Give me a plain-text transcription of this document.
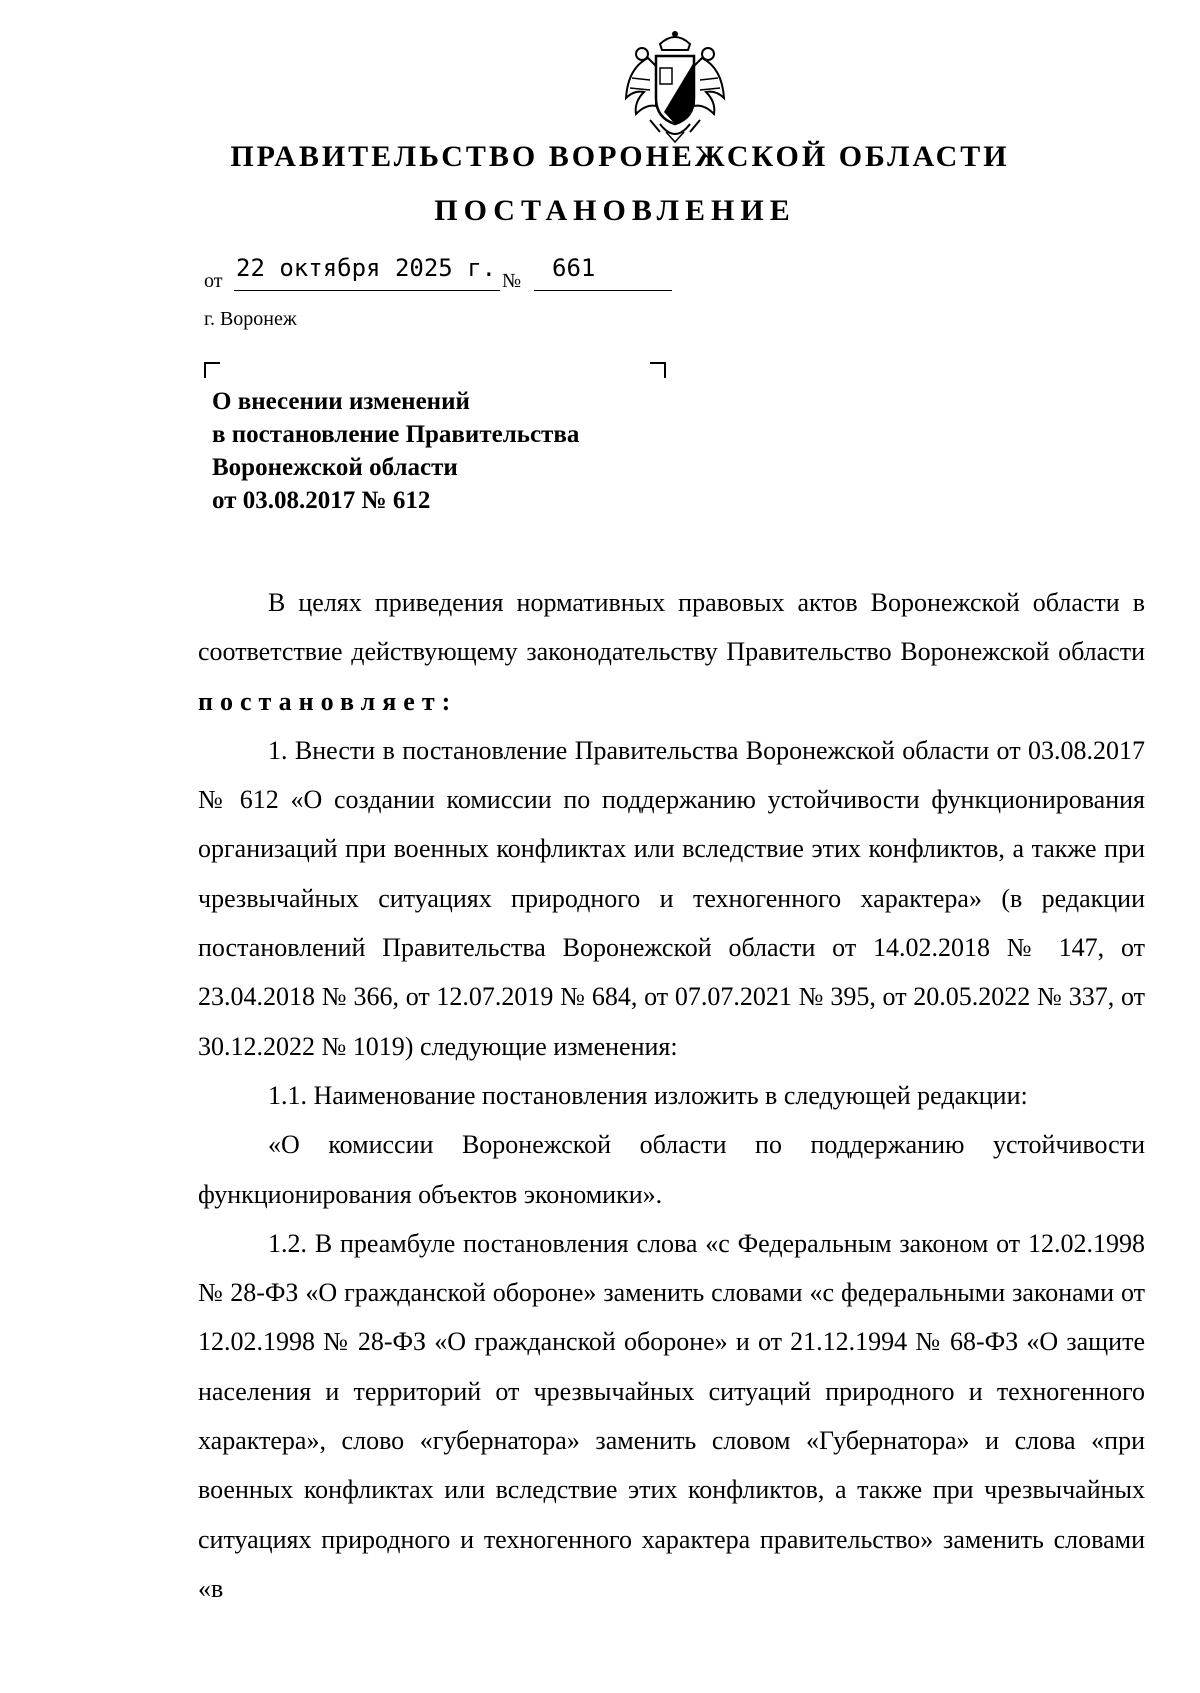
ПРАВИТЕЛЬСТВО ВОРОНЕЖСКОЙ ОБЛАСТИ
ПОСТАНОВЛЕНИЕ
от 22 октября 2025 г. № 661
г. Воронеж
О внесении изменений
в постановление Правительства
Воронежской области
от 03.08.2017 № 612

В целях приведения нормативных правовых актов Воронежской области в соответствие действующему законодательству Правительство Воронежской области постановляет:

1. Внести в постановление Правительства Воронежской области от 03.08.2017 № 612 «О создании комиссии по поддержанию устойчивости функционирования организаций при военных конфликтах или вследствие этих конфликтов, а также при чрезвычайных ситуациях природного и техногенного характера» (в редакции постановлений Правительства Воронежской области от 14.02.2018 № 147, от 23.04.2018 № 366, от 12.07.2019 № 684, от 07.07.2021 № 395, от 20.05.2022 № 337, от 30.12.2022 № 1019) следующие изменения:

1.1. Наименование постановления изложить в следующей редакции:

«О комиссии Воронежской области по поддержанию устойчивости функционирования объектов экономики».

1.2. В преамбуле постановления слова «с Федеральным законом от 12.02.1998 № 28-ФЗ «О гражданской обороне» заменить словами «с федеральными законами от 12.02.1998 № 28-ФЗ «О гражданской обороне» и от 21.12.1994 № 68-ФЗ «О защите населения и территорий от чрезвычайных ситуаций природного и техногенного характера», слово «губернатора» заменить словом «Губернатора» и слова «при военных конфликтах или вследствие этих конфликтов, а также при чрезвычайных ситуациях природного и техногенного характера правительство» заменить словами «в
